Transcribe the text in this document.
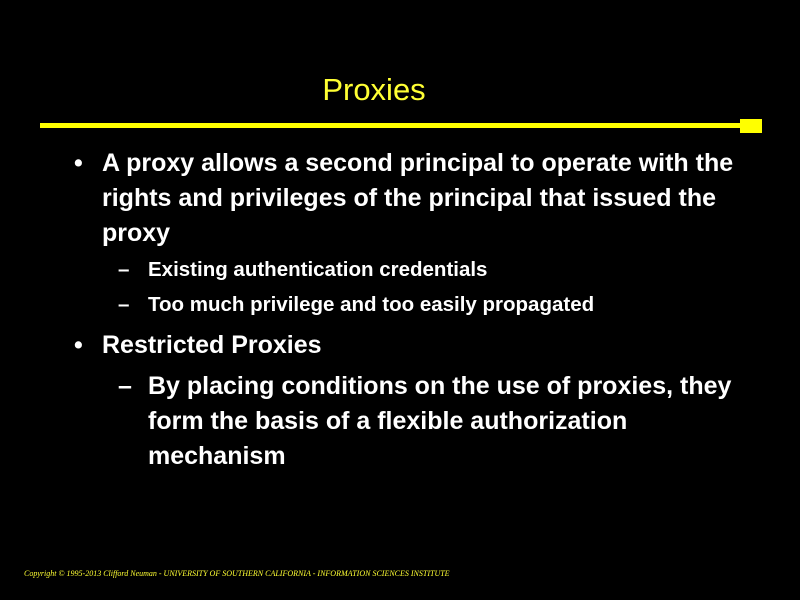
Proxies
• A proxy allows a second principal to operate with the rights and privileges of the principal that issued the proxy
– Existing authentication credentials
– Too much privilege and too easily propagated
• Restricted Proxies
– By placing conditions on the use of proxies, they form the basis of a flexible authorization mechanism
Copyright © 1995-2013 Clifford Neuman - UNIVERSITY OF SOUTHERN CALIFORNIA - INFORMATION SCIENCES INSTITUTE
